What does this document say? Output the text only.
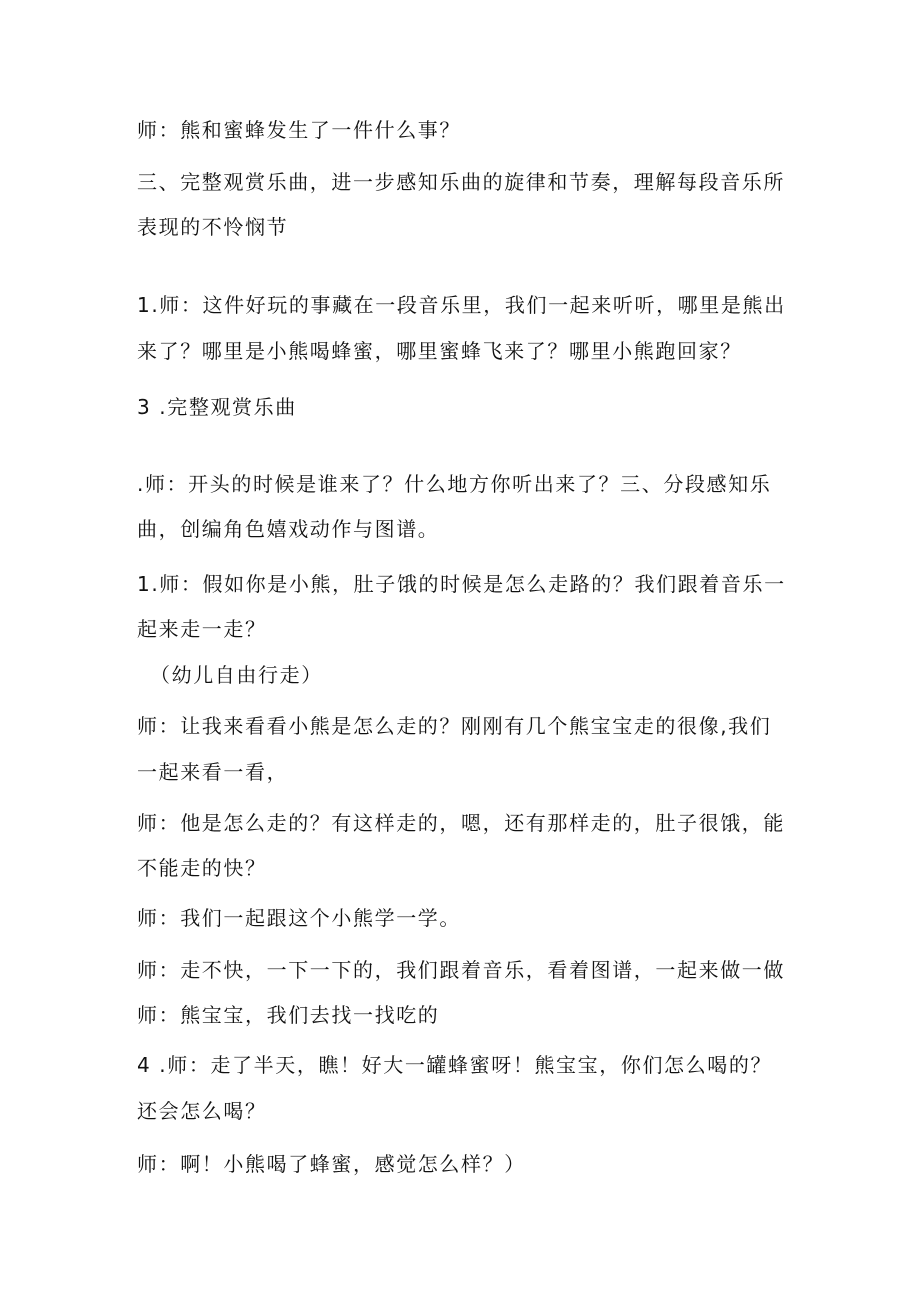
师：熊和蜜蜂发生了一件什么事？
三、完整观赏乐曲，进一步感知乐曲的旋律和节奏，理解每段音乐所
表现的不怜悯节
1.师：这件好玩的事藏在一段音乐里，我们一起来听听，哪里是熊出
来了？哪里是小熊喝蜂蜜，哪里蜜蜂飞来了？哪里小熊跑回家？
3 .完整观赏乐曲
.师：开头的时候是谁来了？什么地方你听出来了？三、分段感知乐
曲，创编角色嬉戏动作与图谱。
1.师：假如你是小熊，肚子饿的时候是怎么走路的？我们跟着音乐一
起来走一走？
（幼儿自由行走）
师：让我来看看小熊是怎么走的？刚刚有几个熊宝宝走的很像,我们
一起来看一看，
师：他是怎么走的？有这样走的，嗯，还有那样走的，肚子很饿，能
不能走的快？
师：我们一起跟这个小熊学一学。
师：走不快，一下一下的，我们跟着音乐，看着图谱，一起来做一做
师：熊宝宝，我们去找一找吃的
4 .师：走了半天，瞧！好大一罐蜂蜜呀！熊宝宝，你们怎么喝的？
还会怎么喝？
师：啊！小熊喝了蜂蜜，感觉怎么样？）
